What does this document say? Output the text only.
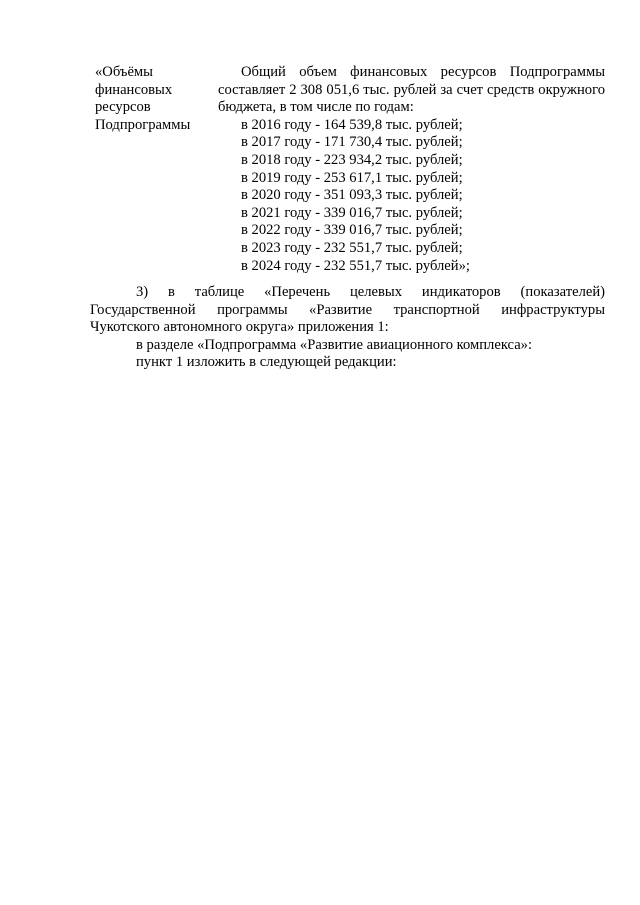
«Объёмы
финансовых
ресурсов
Подпрограммы
Общий объем финансовых ресурсов Подпрограммы составляет 2 308 051,6 тыс. рублей за счет средств окружного бюджета, в том числе по годам:
в 2016 году - 164 539,8 тыс. рублей;
в 2017 году - 171 730,4 тыс. рублей;
в 2018 году - 223 934,2 тыс. рублей;
в 2019 году - 253 617,1 тыс. рублей;
в 2020 году - 351 093,3 тыс. рублей;
в 2021 году - 339 016,7 тыс. рублей;
в 2022 году - 339 016,7 тыс. рублей;
в 2023 году - 232 551,7 тыс. рублей;
в 2024 году - 232 551,7 тыс. рублей»;
3) в таблице «Перечень целевых индикаторов (показателей) Государственной программы «Развитие транспортной инфраструктуры Чукотского автономного округа» приложения 1:
в разделе «Подпрограмма «Развитие авиационного комплекса»:
пункт 1 изложить в следующей редакции:
